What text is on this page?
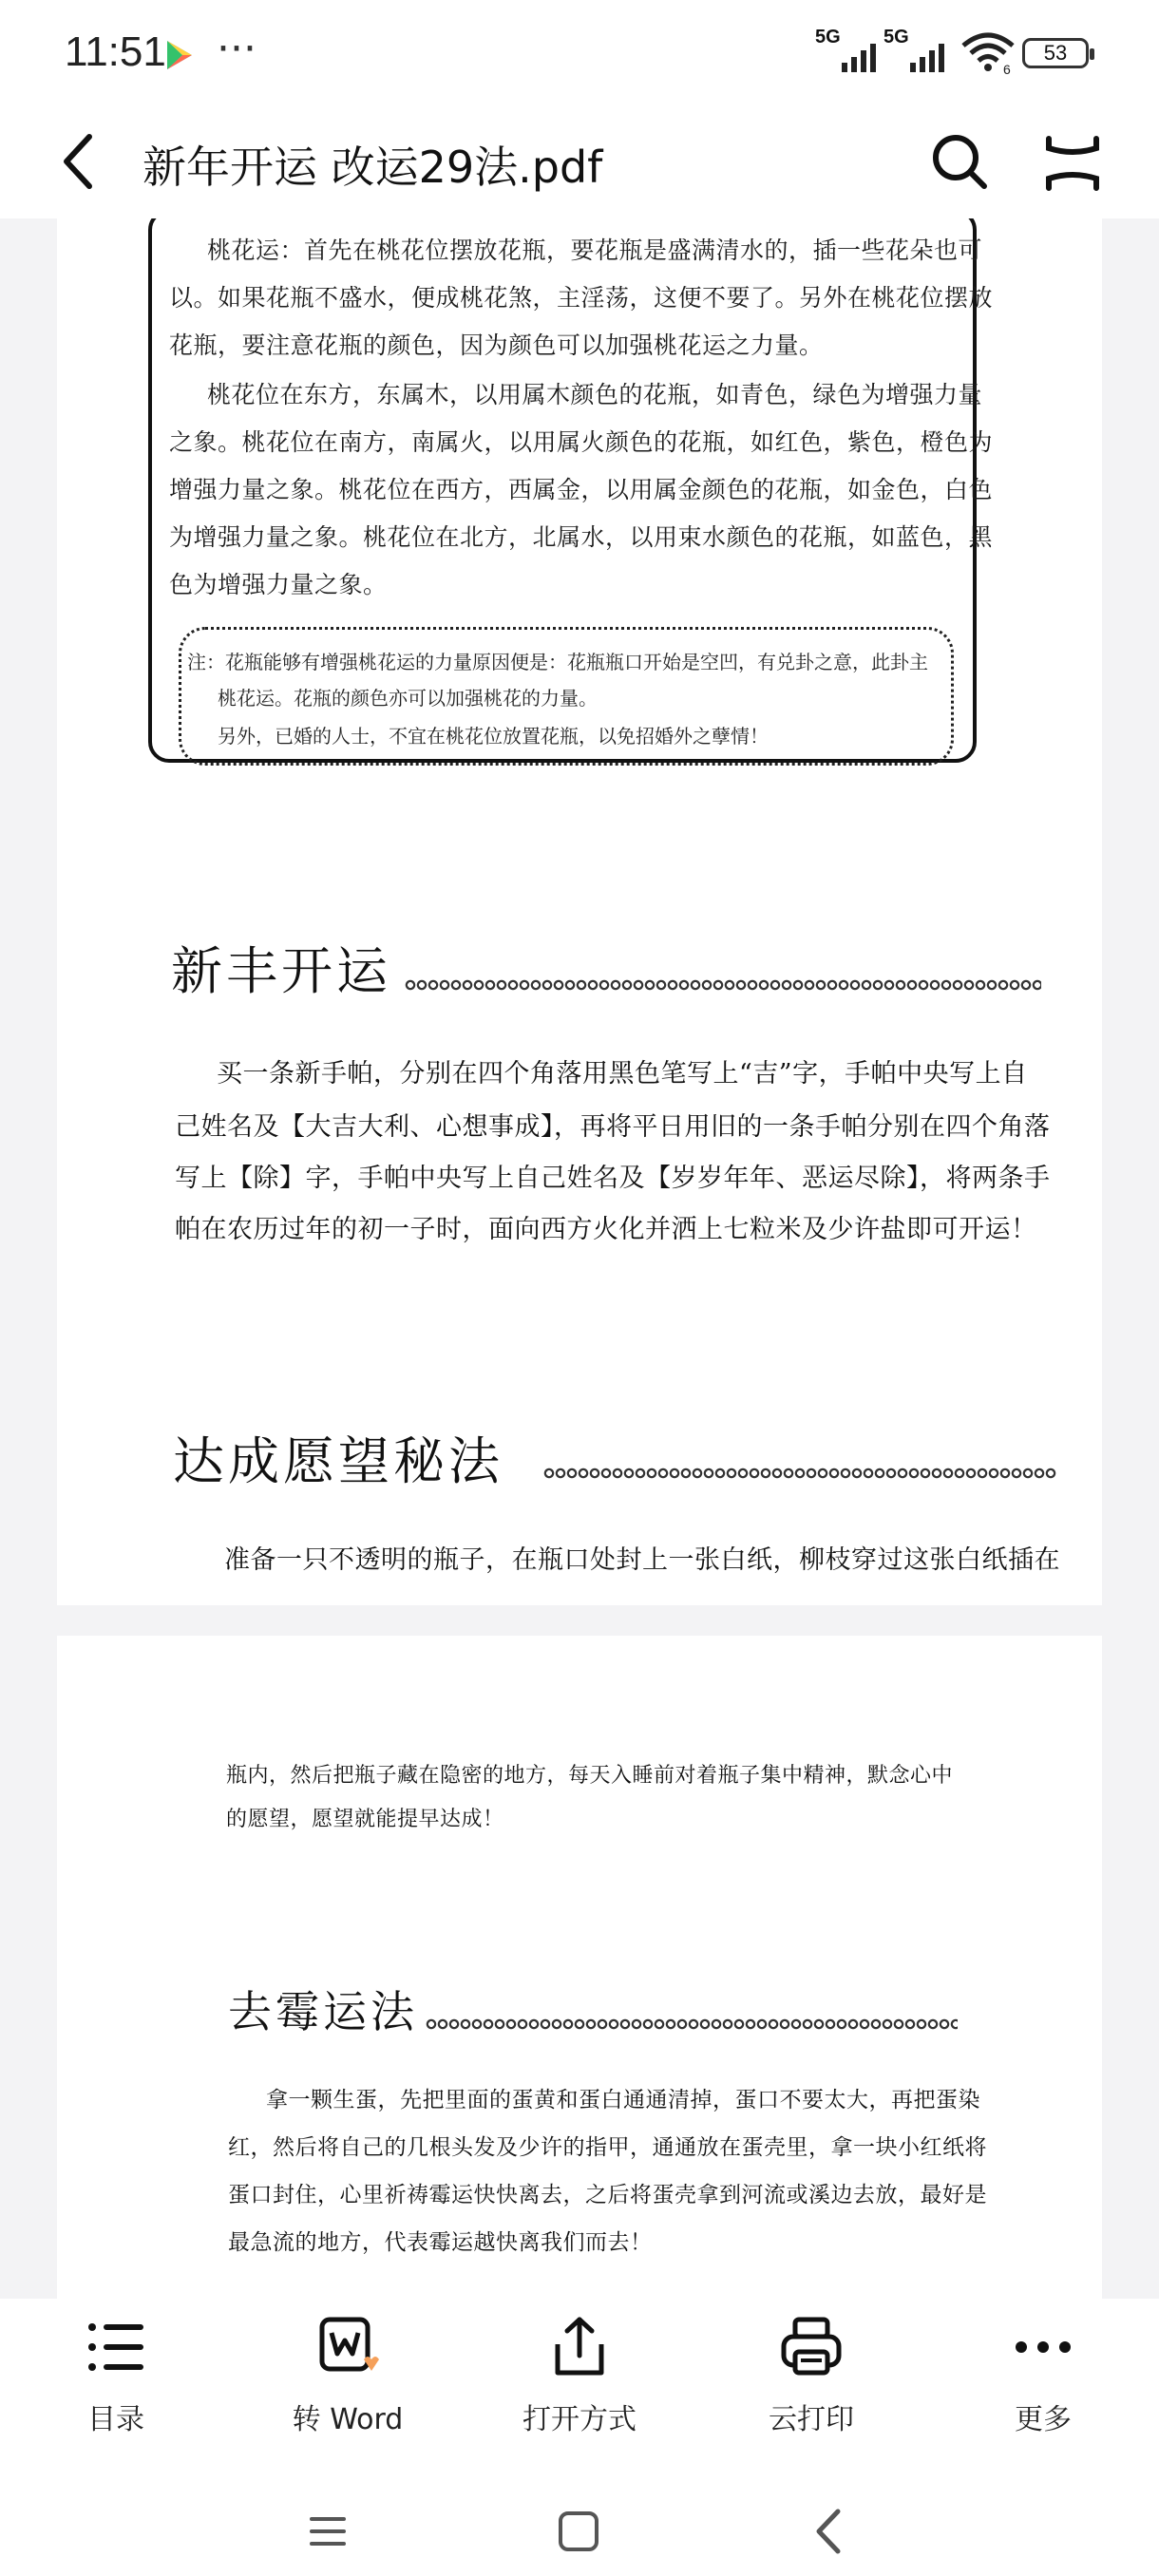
11:51 ···	5G 5G
6
53
新年开运 改运29法.pdf
桃花运：首先在桃花位摆放花瓶，要花瓶是盛满清水的，插一些花朵也可
以。如果花瓶不盛水，便成桃花煞，主淫荡，这便不要了。另外在桃花位摆放
花瓶，要注意花瓶的颜色，因为颜色可以加强桃花运之力量。
桃花位在东方，东属木，以用属木颜色的花瓶，如青色，绿色为增强力量
之象。桃花位在南方，南属火，以用属火颜色的花瓶，如红色，紫色，橙色为
增强力量之象。桃花位在西方，西属金，以用属金颜色的花瓶，如金色，白色
为增强力量之象。桃花位在北方，北属水，以用束水颜色的花瓶，如蓝色，黑
色为增强力量之象。
注：花瓶能够有增强桃花运的力量原因便是：花瓶瓶口开始是空凹，有兑卦之意，此卦主
桃花运。花瓶的颜色亦可以加强桃花的力量。
另外，已婚的人士，不宜在桃花位放置花瓶，以免招婚外之孽情！
新丰开运
买一条新手帕，分别在四个角落用黑色笔写上“吉”字，手帕中央写上自
己姓名及【大吉大利、心想事成】，再将平日用旧的一条手帕分别在四个角落
写上【除】字，手帕中央写上自己姓名及【岁岁年年、恶运尽除】，将两条手
帕在农历过年的初一子时，面向西方火化并洒上七粒米及少许盐即可开运！
达成愿望秘法
准备一只不透明的瓶子，在瓶口处封上一张白纸，柳枝穿过这张白纸插在
瓶内，然后把瓶子藏在隐密的地方，每天入睡前对着瓶子集中精神，默念心中
的愿望，愿望就能提早达成！
去霉运法
拿一颗生蛋，先把里面的蛋黄和蛋白通通清掉，蛋口不要太大，再把蛋染
红，然后将自己的几根头发及少许的指甲，通通放在蛋壳里，拿一块小红纸将
蛋口封住，心里祈祷霉运快快离去，之后将蛋壳拿到河流或溪边去放，最好是
最急流的地方，代表霉运越快离我们而去！
目录	转 Word	打开方式	云打印	更多
